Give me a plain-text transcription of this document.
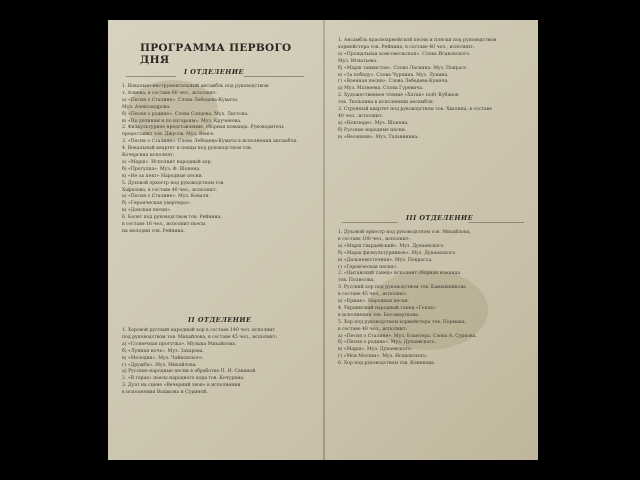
ПРОГРАММА ПЕРВОГО ДНЯ
I ОТДЕЛЕНИЕ
II ОТДЕЛЕНИЕ
1. Вокально-инструментальный ансамбль под руководством
т. Алиева, в составе 60 чел., исполнит:
а) «Песня о Сталине». Слова Лебедева-Кумача,
Муз. Александрова.
б) «Песня о родине». Слова Сонцова, Муз. Листова.
в) «По долинам и по взгорьям». Муз. Крученова.
2. Физкультурное представление, сборная команда. Руководитель
предоставит тов. Джусов. Муз. Венге.
3. «Песня о Сталине». Слово Лебедева-Кумача в исполнении ансамбля.
4. Вокальный квартет и певцы под руководством тов.
Кочергина исполнят:
а) «Марш». Исполнит народный хор.
б) «Прогулка». Муз. Ф. Шопена.
в) «Не за пект» Народные песни.
5. Духовой оркестр под руководством тов.
Хафазова, в составе 40 чел., исполнит:
а) «Песня о Сталине». Муз. Коваля.
б) «Героическая увертюра».
в) «Донская песня».
6. Балет под руководством тов. Рейнина,
в составе 16 чел., исполнит пьесы
на мелодии тов. Рейнина.
1. Хоровой русский народный хор в составе 140 чел. исполнит
под руководством тов. Михайлова, в составе 45 чел., исполнит:
а) «Солнечная прогулка». Музыка Михайлова.
б) «Лунная ночь». Муз. Захарова.
в) «Мелодия». Муз. Чайковского.
г) «Дружба». Муз. Михайлова.
д) Русские народные песни в обработке П. Н. Савиной.
2. «В горах» пьесы народного хора тов. Кочурина.
3. Дуэт на сцене «Вечерний звон» в исполнении
в исполнении Вышкова и Суриной.
III ОТДЕЛЕНИЕ
1. Ансамбль красноармейской песни и пляски под руководством
хормейстера тов. Рейнина, в составе 40 чел., исполнит:
а) «Прощальная комсомольская». Слова Исаковского.
Муз. Игнатьева.
б) «Марш танкистов». Слова Ласкина. Муз. Покрасс.
в) «За победу». Слова Чуркина. Муз. Лукина.
г) «Военная песня». Слова Лебедева-Кумача.
д) Муз. Матвеева. Слова Гуревича.
2. Художественное чтение «Хатан» поёт Кубанов
тов. Тюльпина в исполнении ансамбля.
3. Струнный квартет под руководством тов. Хвалина, в составе
40 чел., исполнит:
а) «Ноктюрн». Муз. Шопена.
б) Русские народные песни.
в) «Весенняя». Муз. Тальвинина.
1. Духовой оркестр под руководством тов. Михайлова,
в составе 100 чел., исполнит:
а) «Марш гвардейский». Муз. Дунаевского.
б) «Марш физкультурников». Муз. Дунаевского.
в) «Дальневосточная». Муз. Покрасса.
г) «Героическая песня».
2. «Цыганский танец» исполнит сборная команда
тов. Полюсова.
3. Русский хор под руководством тов. Камышникова
в составе 45 чел., исполнит:
а) «Ермак». Народная песня.
4. Украинский народный танец «Гопак»
в исполнении тов. Бессмертнова.
5. Хор под руководством хормейстера тов. Пермана,
в составе 40 чел., исполнит:
а) «Песня о Сталине». Муз. Блантера. Слова А. Суркова.
б) «Песня о родине». Муз. Дунаевского.
в) «Марш». Муз. Дунаевского.
г) «Моя Москва». Муз. Исаковского.
6. Хор под руководством тов. Клинкова.
